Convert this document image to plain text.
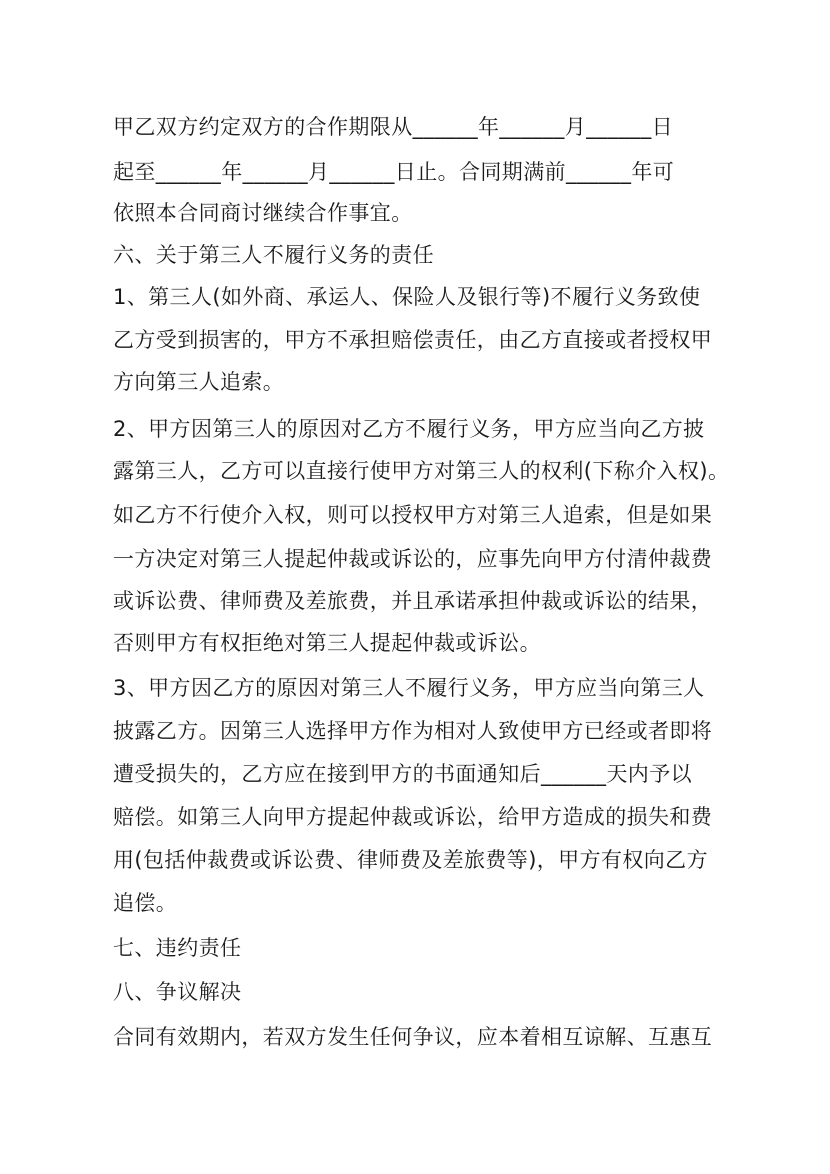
甲乙双方约定双方的合作期限从______年______月______日
起至______年______月______日止。合同期满前______年可
依照本合同商讨继续合作事宜。
六、关于第三人不履行义务的责任
1、第三人(如外商、承运人、保险人及银行等)不履行义务致使
乙方受到损害的，甲方不承担赔偿责任，由乙方直接或者授权甲
方向第三人追索。
2、甲方因第三人的原因对乙方不履行义务，甲方应当向乙方披
露第三人，乙方可以直接行使甲方对第三人的权利(下称介入权)。
如乙方不行使介入权，则可以授权甲方对第三人追索，但是如果
一方决定对第三人提起仲裁或诉讼的，应事先向甲方付清仲裁费
或诉讼费、律师费及差旅费，并且承诺承担仲裁或诉讼的结果，
否则甲方有权拒绝对第三人提起仲裁或诉讼。
3、甲方因乙方的原因对第三人不履行义务，甲方应当向第三人
披露乙方。因第三人选择甲方作为相对人致使甲方已经或者即将
遭受损失的，乙方应在接到甲方的书面通知后______天内予以
赔偿。如第三人向甲方提起仲裁或诉讼，给甲方造成的损失和费
用(包括仲裁费或诉讼费、律师费及差旅费等)，甲方有权向乙方
追偿。
七、违约责任
八、争议解决
合同有效期内，若双方发生任何争议，应本着相互谅解、互惠互
